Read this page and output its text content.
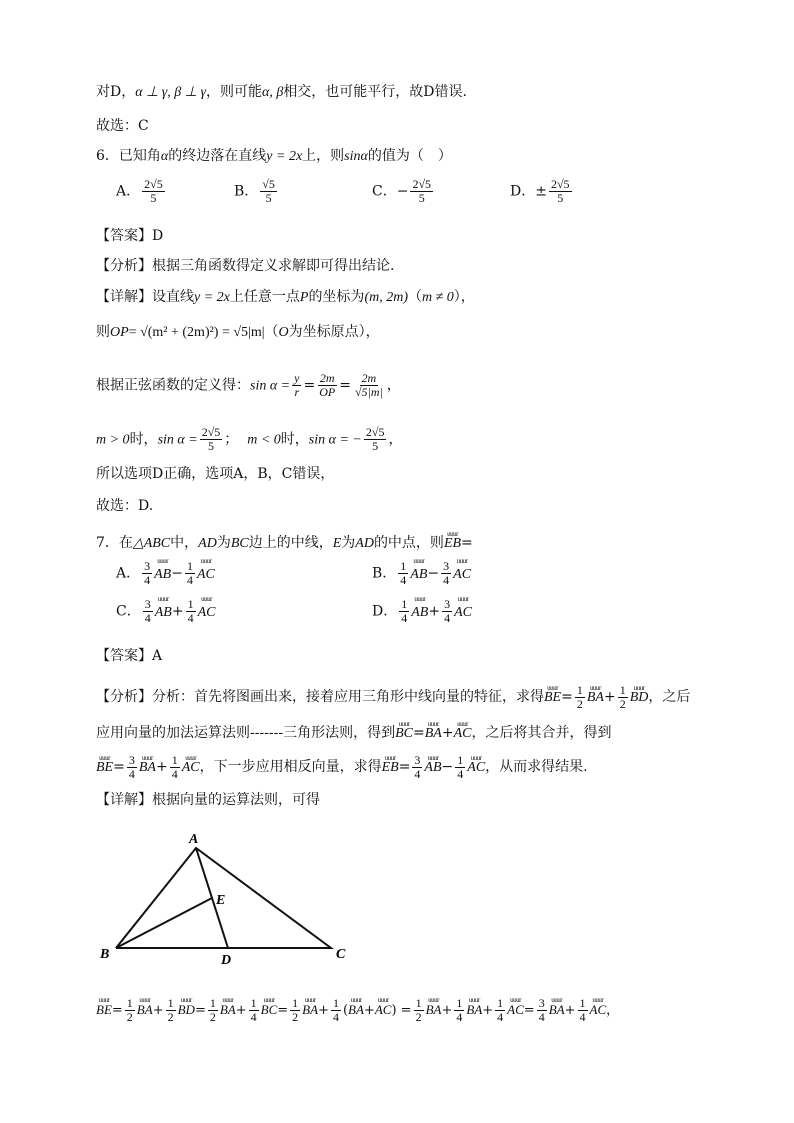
对D，α ⊥ γ, β ⊥ γ，则可能α, β相交，也可能平行，故D错误.
故选：C
6．已知角α的终边落在直线y = 2x上，则sinα的值为（　）
A． $\frac{2√5}{5}$	B． $\frac{√5}{5}$	C．− $\frac{2√5}{5}$	D．± $\frac{2√5}{5}$
【答案】D
【分析】根据三角函数得定义求解即可得出结论.
【详解】设直线y = 2x上任意一点P的坐标为(m, 2m)（m ≠ 0），
则OP= √(m² + (2m)²) = √5|m|（O为坐标原点），
根据正弦函数的定义得：$\sin \alpha = \frac{y}{r} = \frac{2m}{OP} = \frac{2m}{√5|m|}$ ，
m > 0时，$\sin \alpha = \frac{2√5}{5}$ ； m < 0时，sin α = − $\frac{2√5}{5}$ ，
所以选项D正确，选项A，B，C错误，
故选：D.
7．在△ABC中，AD为BC边上的中线，E为AD的中点，则uuur EB=
A． $\frac{3}{4}$ uuur $AB- \frac{1}{4}$ uuur AC	B． $\frac{1}{4}$ uuur $AB- \frac{3}{4}$ uuur AC
C． $\frac{3}{4}$ uuur $AB+ \frac{1}{4}$ uuur AC	D． $\frac{1}{4}$ uuur $AB+ \frac{3}{4}$ uuur AC
【答案】A
【分析】分析：首先将图画出来，接着应用三角形中线向量的特征，求得uuur $BE= \frac{1}{2}$ uuur $BA+ \frac{1}{2}$ uuur BD，之后
应用向量的加法运算法则-------三角形法则，得到uuur BC=uuur BA+uuur AC，之后将其合并，得到
uuur $BE= \frac{3}{4}$ uuur $BA+ \frac{1}{4}$ uuur AC，下一步应用相反向量，求得uuur $EB= \frac{3}{4}$ uuur $AB- \frac{1}{4}$ uuur AC，从而求得结果.
【详解】根据向量的运算法则，可得
A
B	C
D
E
uuur $BE= \frac{1}{2}$ uuur $BA+ \frac{1}{2}$ uuur $BD= \frac{1}{2}$ uuur $BA+ \frac{1}{4}$ uuur $BC= \frac{1}{2}$ uuur $BA+ \frac{1}{4}$ (uuur BA+uuur $AC) = \frac{1}{2}$ uuur $BA+ \frac{1}{4}$ uuur $BA+ \frac{1}{4}$ uuur $AC= \frac{3}{4}$ uuur $BA+ \frac{1}{4}$ uuur AC，
